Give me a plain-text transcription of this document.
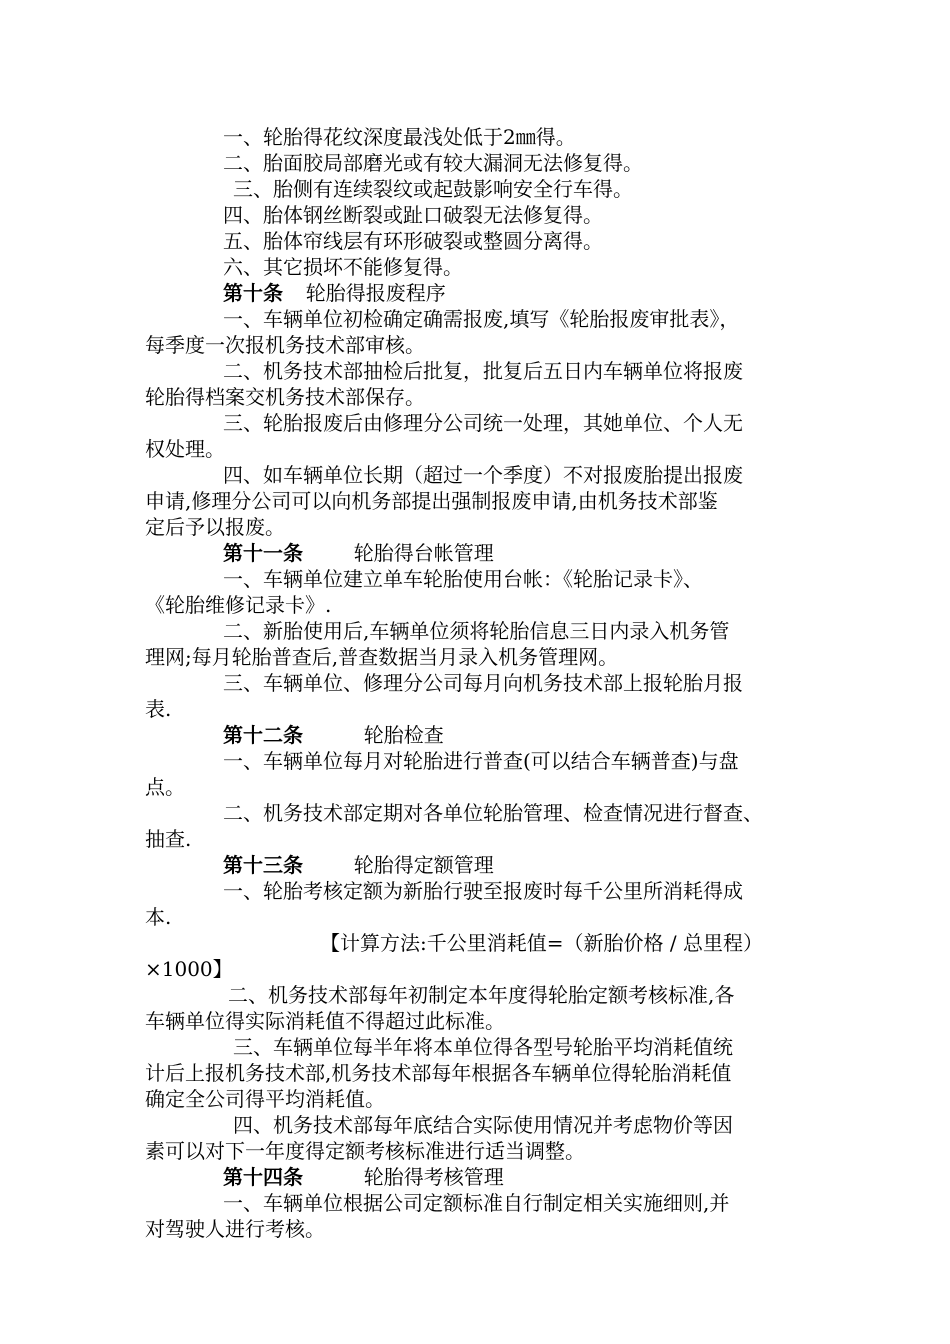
一、轮胎得花纹深度最浅处低于2㎜得。
二、胎面胶局部磨光或有较大漏洞无法修复得。
三、胎侧有连续裂纹或起鼓影响安全行车得。
四、胎体钢丝断裂或趾口破裂无法修复得。
五、胎体帘线层有环形破裂或整圆分离得。
六、其它损坏不能修复得。
第十条 轮胎得报废程序
一、车辆单位初检确定确需报废,填写《轮胎报废审批表》，
每季度一次报机务技术部审核。
二、机务技术部抽检后批复，批复后五日内车辆单位将报废
轮胎得档案交机务技术部保存。
三、轮胎报废后由修理分公司统一处理，其她单位、个人无
权处理。
四、如车辆单位长期（超过一个季度）不对报废胎提出报废
申请,修理分公司可以向机务部提出强制报废申请,由机务技术部鉴
定后予以报废。
第十一条	轮胎得台帐管理
一、车辆单位建立单车轮胎使用台帐：《轮胎记录卡》、
《轮胎维修记录卡》.
二、新胎使用后,车辆单位须将轮胎信息三日内录入机务管
理网;每月轮胎普查后,普查数据当月录入机务管理网。
三、车辆单位、修理分公司每月向机务技术部上报轮胎月报
表.
第十二条	轮胎检查
一、车辆单位每月对轮胎进行普查(可以结合车辆普查)与盘
点。
二、机务技术部定期对各单位轮胎管理、检查情况进行督查、
抽查.
第十三条	轮胎得定额管理
一、轮胎考核定额为新胎行驶至报废时每千公里所消耗得成
本.
【计算方法:千公里消耗值=（新胎价格 / 总里程）
×1000】
二、机务技术部每年初制定本年度得轮胎定额考核标准,各
车辆单位得实际消耗值不得超过此标准。
三、车辆单位每半年将本单位得各型号轮胎平均消耗值统
计后上报机务技术部,机务技术部每年根据各车辆单位得轮胎消耗值
确定全公司得平均消耗值。
四、机务技术部每年底结合实际使用情况并考虑物价等因
素可以对下一年度得定额考核标准进行适当调整。
第十四条	轮胎得考核管理
一、车辆单位根据公司定额标准自行制定相关实施细则,并
对驾驶人进行考核。
